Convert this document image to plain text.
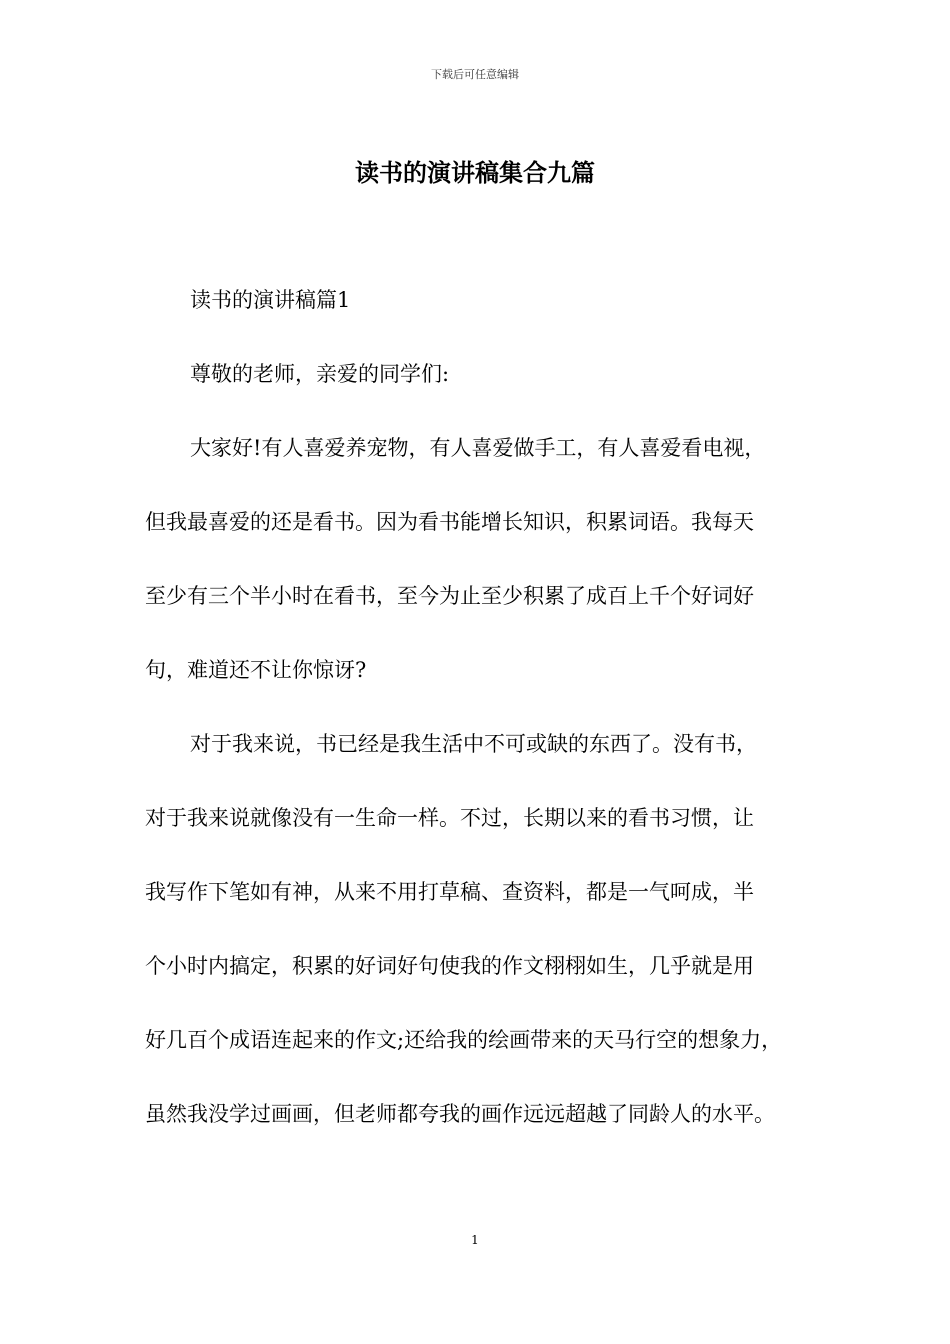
下载后可任意编辑
读书的演讲稿集合九篇
读书的演讲稿篇1
尊敬的老师，亲爱的同学们:
大家好!有人喜爱养宠物，有人喜爱做手工，有人喜爱看电视，
但我最喜爱的还是看书。因为看书能增长知识，积累词语。我每天
至少有三个半小时在看书，至今为止至少积累了成百上千个好词好
句，难道还不让你惊讶?
对于我来说，书已经是我生活中不可或缺的东西了。没有书，
对于我来说就像没有一生命一样。不过，长期以来的看书习惯，让
我写作下笔如有神，从来不用打草稿、查资料，都是一气呵成，半
个小时内搞定，积累的好词好句使我的作文栩栩如生，几乎就是用
好几百个成语连起来的作文;还给我的绘画带来的天马行空的想象力，
虽然我没学过画画，但老师都夸我的画作远远超越了同龄人的水平。
1
